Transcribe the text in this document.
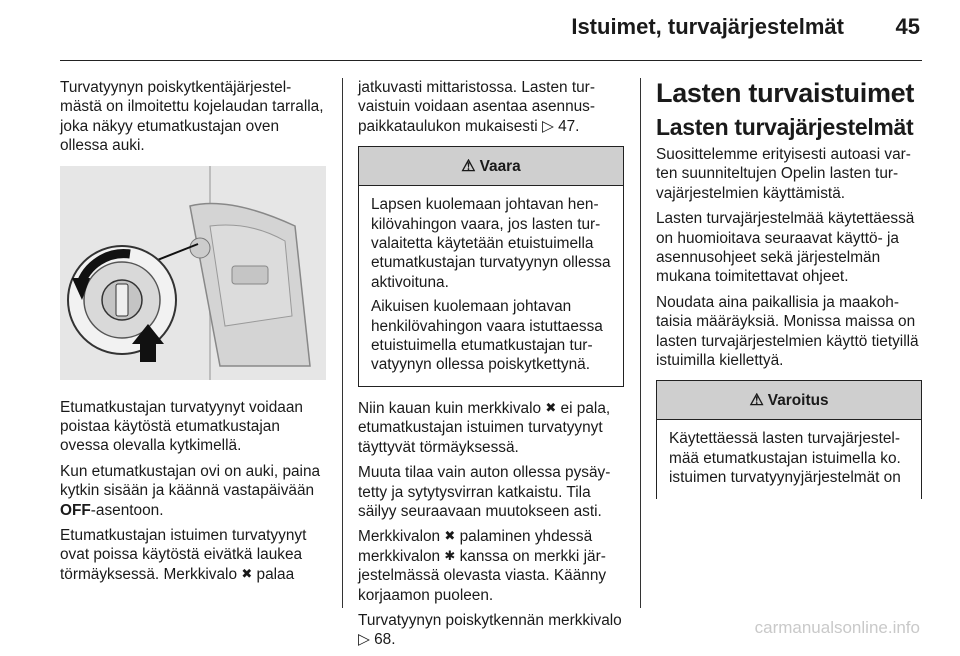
Istuimet, turvajärjestelmät 45

Turvatyynyn poiskytkentäjärjestelmästä on ilmoitettu kojelaudan tarralla, joka näkyy etumatkustajan oven ollessa auki.

Etumatkustajan turvatyynyt voidaan poistaa käytöstä etumatkustajan ovessa olevalla kytkimellä.

Kun etumatkustajan ovi on auki, paina kytkin sisään ja käännä vastapäivään OFF-asentoon.

Etumatkustajan istuimen turvatyynyt ovat poissa käytöstä eivätkä laukea törmäyksessä. Merkkivalo ✖ palaa

jatkuvasti mittaristossa. Lasten turvaistuin voidaan asentaa asennuspaikkataulukon mukaisesti ▷ 47.

⚠ Vaara

Lapsen kuolemaan johtavan henkilövahingon vaara, jos lasten turvalaitetta käytetään etuistuimella etumatkustajan turvatyynyn ollessa aktivoituna.

Aikuisen kuolemaan johtavan henkilövahingon vaara istuttaessa etuistuimella etumatkustajan turvatyynyn ollessa poiskytkettynä.

Niin kauan kuin merkkivalo ✖ ei pala, etumatkustajan istuimen turvatyynyt täyttyvät törmäyksessä.

Muuta tilaa vain auton ollessa pysäytetty ja sytytysvirran katkaistu. Tila säilyy seuraavaan muutokseen asti.

Merkkivalon ✖ palaminen yhdessä merkkivalon ✱ kanssa on merkki järjestelmässä olevasta viasta. Käänny korjaamon puoleen.

Turvatyynyn poiskytkennän merkkivalo ▷ 68.

Lasten turvaistuimet
Lasten turvajärjestelmät

Suosittelemme erityisesti autoasi varten suunniteltujen Opelin lasten turvajärjestelmien käyttämistä.

Lasten turvajärjestelmää käytettäessä on huomioitava seuraavat käyttö- ja asennusohjeet sekä järjestelmän mukana toimitettavat ohjeet.

Noudata aina paikallisia ja maakohtaisia määräyksiä. Monissa maissa on lasten turvajärjestelmien käyttö tietyillä istuimilla kiellettyä.

⚠ Varoitus

Käytettäessä lasten turvajärjestelmää etumatkustajan istuimella ko. istuimen turvatyynyjärjestelmät on

carmanualsonline.info
